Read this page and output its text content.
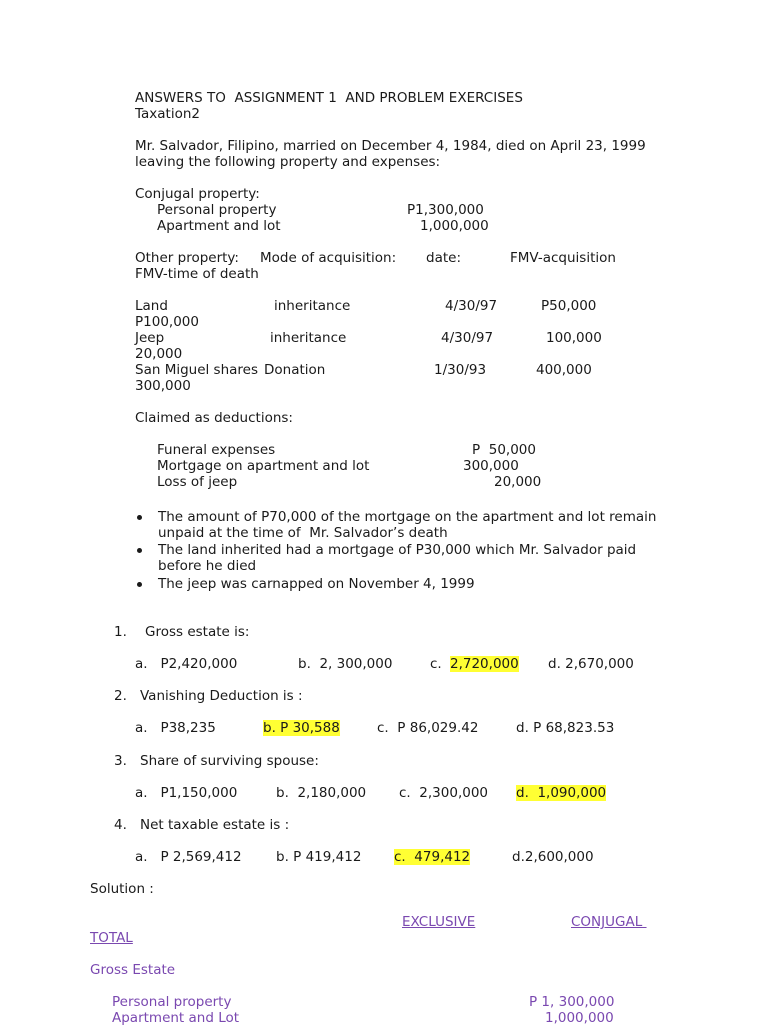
ANSWERS TO  ASSIGNMENT 1  AND PROBLEM EXERCISES
Taxation2
Mr. Salvador, Filipino, married on December 4, 1984, died on April 23, 1999
leaving the following property and expenses:
Conjugal property:
Personal property	P1,300,000
Apartment and lot	1,000,000
Other property: Mode of acquisition: date:	FMV-acquisition
FMV-time of death
Land	inheritance	4/30/97	P50,000
P100,000
Jeep	inheritance	4/30/97	100,000
20,000
San Miguel shares Donation	1/30/93	400,000
300,000
Claimed as deductions:
Funeral expenses	P  50,000
Mortgage on apartment and lot	300,000
Loss of jeep	20,000
The amount of P70,000 of the mortgage on the apartment and lot remain
unpaid at the time of  Mr. Salvador’s death
The land inherited had a mortgage of P30,000 which Mr. Salvador paid
before he died
The jeep was carnapped on November 4, 1999
1. Gross estate is:
a.   P2,420,000	b.  2, 300,000	c. 2,720,000 d. 2,670,000
2. Vanishing Deduction is :
a.   P38,235	b. P 30,588	c.  P 86,029.42	d. P 68,823.53
3. Share of surviving spouse:
a.   P1,150,000	b.  2,180,000 c.  2,300,000 d.  1,090,000
4. Net taxable estate is :
a.   P 2,569,412	b. P 419,412 c.  479,412	d.2,600,000
Solution :
EXCLUSIVE	CONJUGAL
TOTAL
Gross Estate
Personal property	P 1, 300,000
Apartment and Lot	1,000,000
